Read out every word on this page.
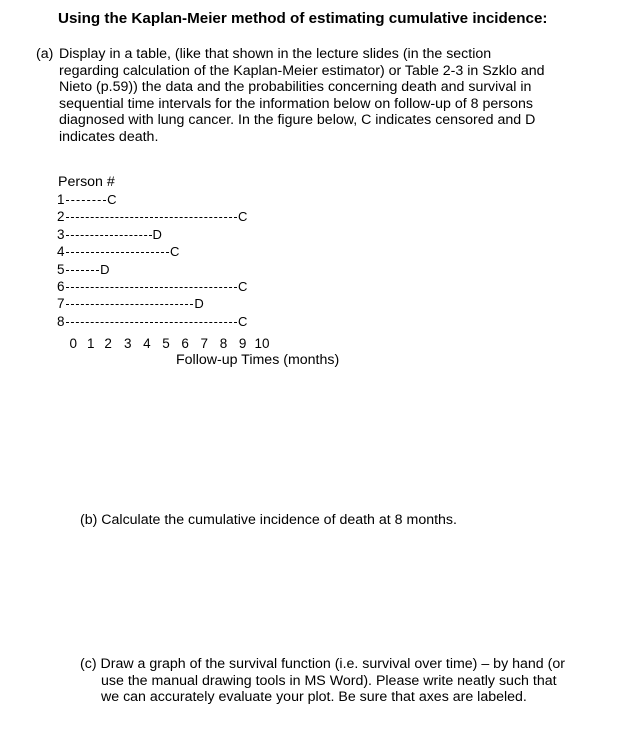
Using the Kaplan-Meier method of estimating cumulative incidence:
(a) Display in a table, (like that shown in the lecture slides (in the section
regarding calculation of the Kaplan-Meier estimator) or Table 2-3 in Szklo and
Nieto (p.59)) the data and the probabilities concerning death and survival in
sequential time intervals for the information below on follow-up of 8 persons
diagnosed with lung cancer. In the figure below, C indicates censored and D
indicates death.
Person #
1	C
2	C
3	D
4	C
5	D
6	C
7	D
8	C
0 1 2 3 4 5 6 7 8 9 10
Follow-up Times (months)
(b) Calculate the cumulative incidence of death at 8 months.
(c) Draw a graph of the survival function (i.e. survival over time) – by hand (or
use the manual drawing tools in MS Word). Please write neatly such that
we can accurately evaluate your plot. Be sure that axes are labeled.
